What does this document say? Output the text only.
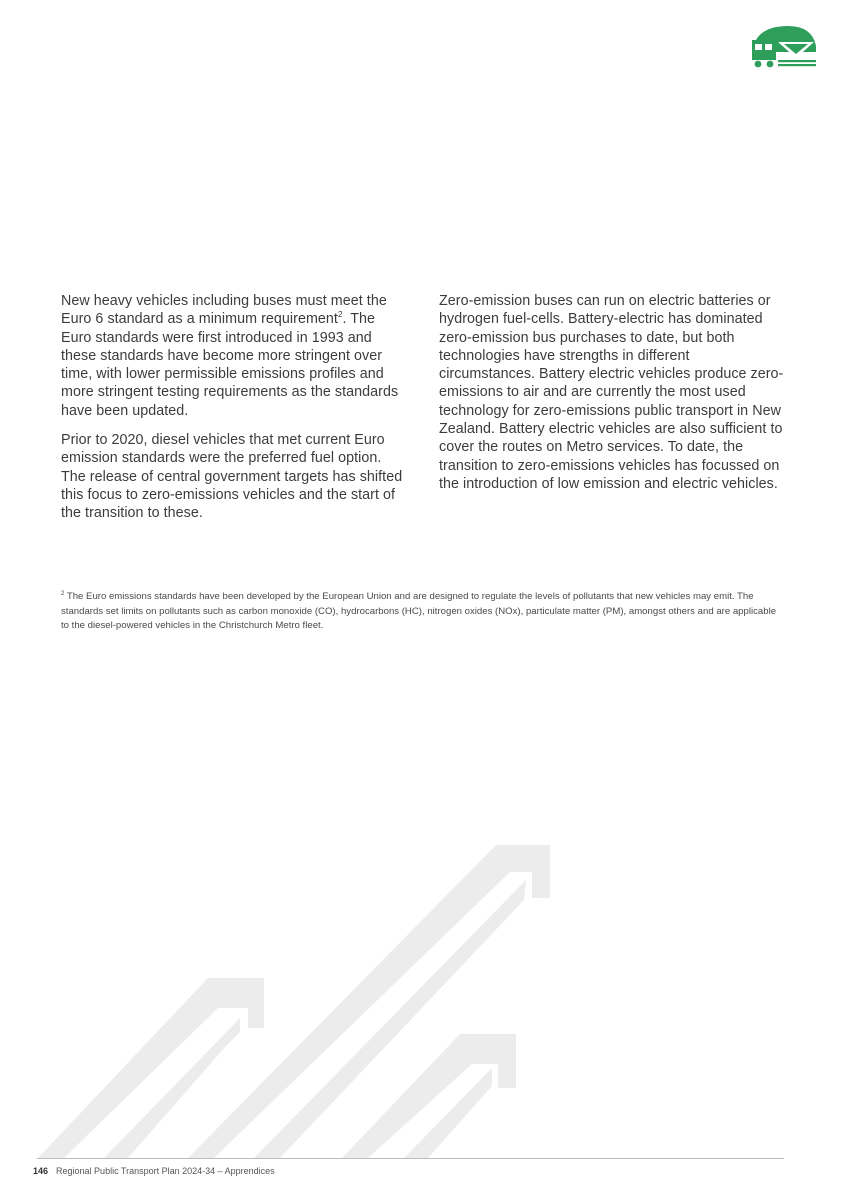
New heavy vehicles including buses must meet the Euro 6 standard as a minimum requirement$^2$. The Euro standards were first introduced in 1993 and these standards have become more stringent over time, with lower permissible emissions profiles and more stringent testing requirements as the standards have been updated.

Prior to 2020, diesel vehicles that met current Euro emission standards were the preferred fuel option. The release of central government targets has shifted this focus to zero-emissions vehicles and the start of the transition to these.

Zero-emission buses can run on electric batteries or hydrogen fuel-cells. Battery-electric has dominated zero-emission bus purchases to date, but both technologies have strengths in different circumstances. Battery electric vehicles produce zero-emissions to air and are currently the most used technology for zero-emissions public transport in New Zealand. Battery electric vehicles are also sufficient to cover the routes on Metro services. To date, the transition to zero-emissions vehicles has focussed on the introduction of low emission and electric vehicles.

$^2$ The Euro emissions standards have been developed by the European Union and are designed to regulate the levels of pollutants that new vehicles may emit. The standards set limits on pollutants such as carbon monoxide (CO), hydrocarbons (HC), nitrogen oxides (NOx), particulate matter (PM), amongst others and are applicable to the diesel-powered vehicles in the Christchurch Metro fleet.
146 Regional Public Transport Plan 2024-34 – Apprendices
